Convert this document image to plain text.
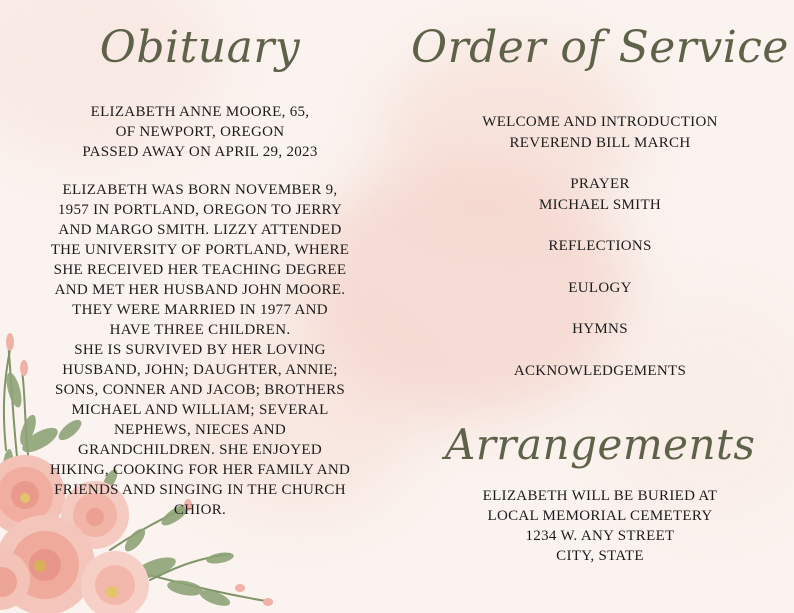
Obituary	Order of Service
Arrangements

ELIZABETH ANNE MOORE, 65,

OF NEWPORT, OREGON

PASSED AWAY ON APRIL 29, 2023

ELIZABETH WAS BORN NOVEMBER 9,

1957 IN PORTLAND, OREGON TO JERRY

AND MARGO SMITH. LIZZY ATTENDED

THE UNIVERSITY OF PORTLAND, WHERE

SHE RECEIVED HER TEACHING DEGREE

AND MET HER HUSBAND JOHN MOORE.

THEY WERE MARRIED IN 1977 AND

HAVE THREE CHILDREN.

SHE IS SURVIVED BY HER LOVING

HUSBAND, JOHN; DAUGHTER, ANNIE;

SONS, CONNER AND JACOB; BROTHERS

MICHAEL AND WILLIAM; SEVERAL

NEPHEWS, NIECES AND

GRANDCHILDREN. SHE ENJOYED

HIKING, COOKING FOR HER FAMILY AND

FRIENDS AND SINGING IN THE CHURCH

CHIOR.

WELCOME AND INTRODUCTION

REVEREND BILL MARCH

PRAYER

MICHAEL SMITH

REFLECTIONS

EULOGY

HYMNS

ACKNOWLEDGEMENTS

ELIZABETH WILL BE BURIED AT

LOCAL MEMORIAL CEMETERY

1234 W. ANY STREET

CITY, STATE
